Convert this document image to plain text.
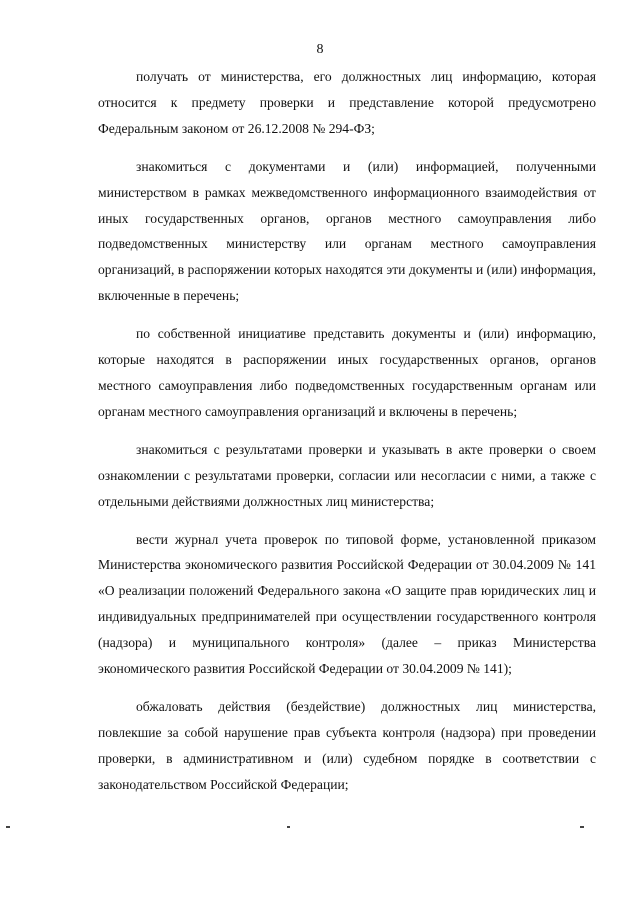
8

получать от министерства, его должностных лиц информацию, которая относится к предмету проверки и представление которой предусмотрено Федеральным законом от 26.12.2008 № 294-ФЗ;

знакомиться с документами и (или) информацией, полученными министерством в рамках межведомственного информационного взаимодействия от иных государственных органов, органов местного самоуправления либо подведомственных министерству или органам местного самоуправления организаций, в распоряжении которых находятся эти документы и (или) информация, включенные в перечень;

по собственной инициативе представить документы и (или) информацию, которые находятся в распоряжении иных государственных органов, органов местного самоуправления либо подведомственных государственным органам или органам местного самоуправления организаций и включены в перечень;

знакомиться с результатами проверки и указывать в акте проверки о своем ознакомлении с результатами проверки, согласии или несогласии с ними, а также с отдельными действиями должностных лиц министерства;

вести журнал учета проверок по типовой форме, установленной приказом Министерства экономического развития Российской Федерации от 30.04.2009 № 141 «О реализации положений Федерального закона «О защите прав юридических лиц и индивидуальных предпринимателей при осуществлении государственного контроля (надзора) и муниципального контроля» (далее – приказ Министерства экономического развития Российской Федерации от 30.04.2009 № 141);

обжаловать действия (бездействие) должностных лиц министерства, повлекшие за собой нарушение прав субъекта контроля (надзора) при проведении проверки, в административном и (или) судебном порядке в соответствии с законодательством Российской Федерации;
